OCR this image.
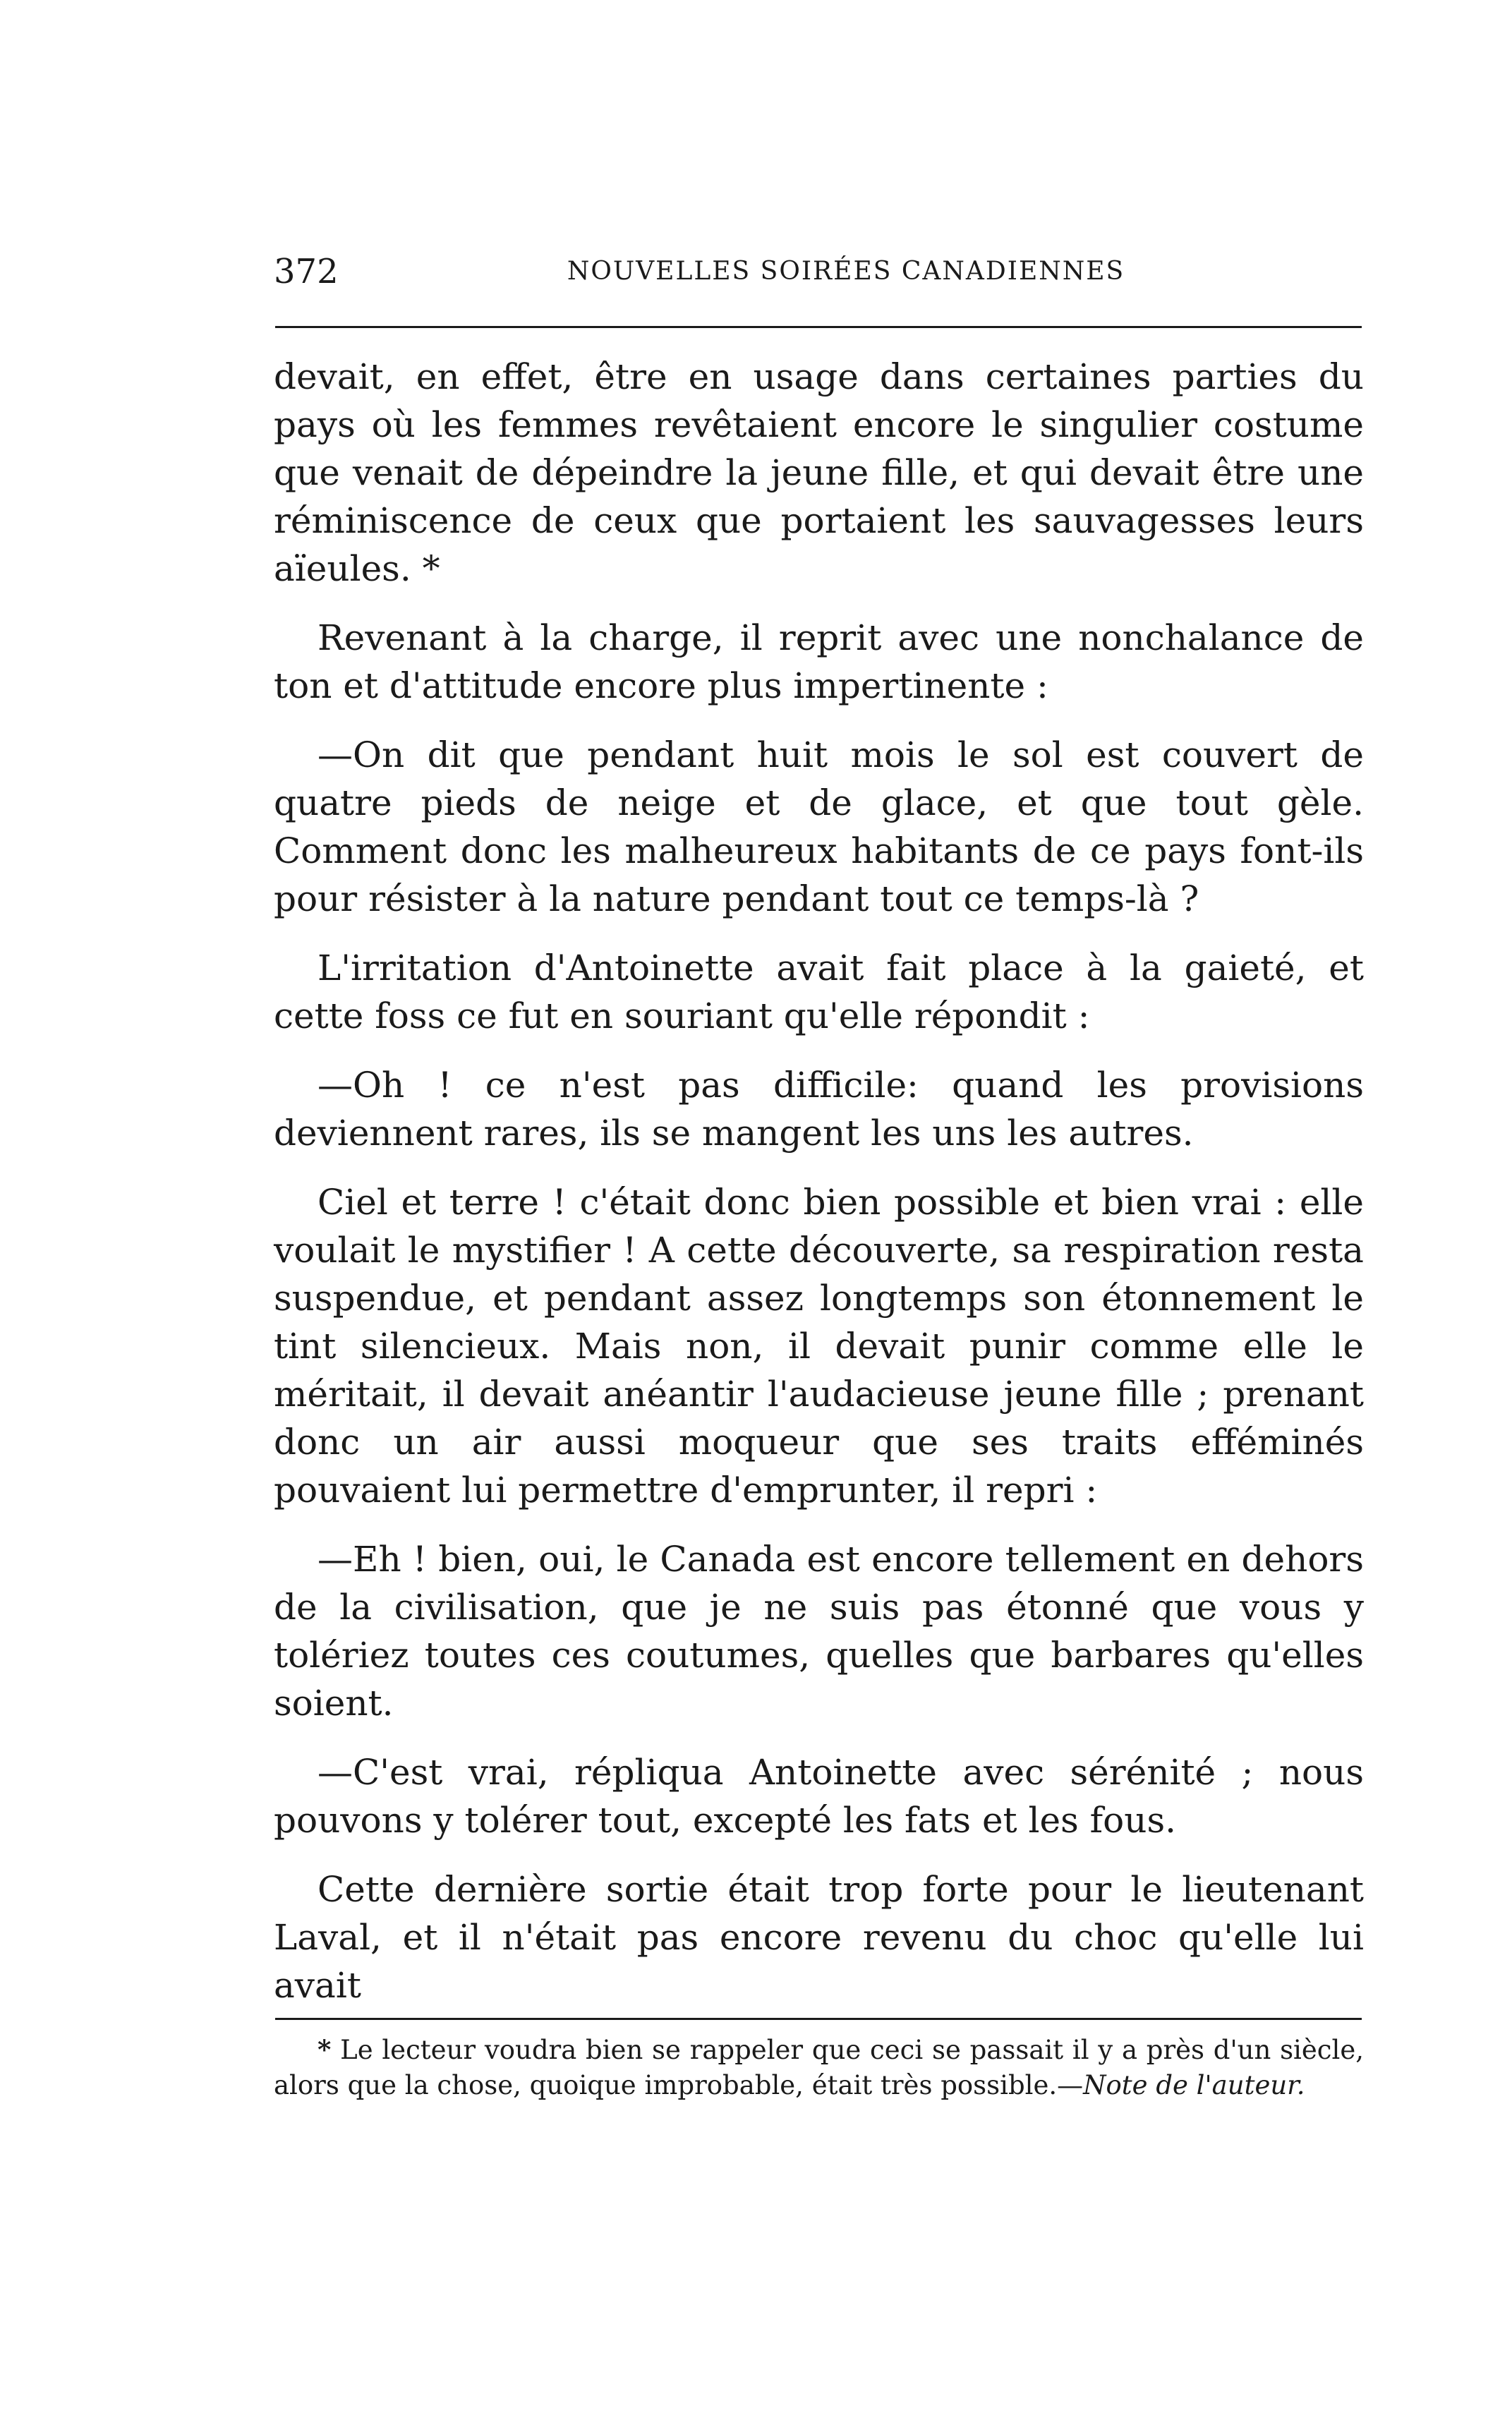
372	NOUVELLES SOIRÉES CANADIENNES

devait, en effet, être en usage dans certaines parties du pays où les femmes revêtaient encore le singulier costume que venait de dépeindre la jeune fille, et qui devait être une réminiscence de ceux que portaient les sauvagesses leurs aïeules. *

Revenant à la charge, il reprit avec une nonchalance de ton et d'attitude encore plus impertinente :

—On dit que pendant huit mois le sol est couvert de quatre pieds de neige et de glace, et que tout gèle. Comment donc les malheureux habitants de ce pays font-ils pour résister à la nature pendant tout ce temps-là ?

L'irritation d'Antoinette avait fait place à la gaieté, et cette foss ce fut en souriant qu'elle répondit :

—Oh ! ce n'est pas difficile: quand les provisions deviennent rares, ils se mangent les uns les autres.

Ciel et terre ! c'était donc bien possible et bien vrai : elle voulait le mystifier ! A cette découverte, sa respiration resta suspendue, et pendant assez longtemps son étonnement le tint silencieux. Mais non, il devait punir comme elle le méritait, il devait anéantir l'audacieuse jeune fille ; prenant donc un air aussi moqueur que ses traits efféminés pouvaient lui permettre d'emprunter, il repri :

—Eh ! bien, oui, le Canada est encore tellement en dehors de la civilisation, que je ne suis pas étonné que vous y tolériez toutes ces coutumes, quelles que barbares qu'elles soient.

—C'est vrai, répliqua Antoinette avec sérénité ; nous pouvons y tolérer tout, excepté les fats et les fous.

Cette dernière sortie était trop forte pour le lieutenant Laval, et il n'était pas encore revenu du choc qu'elle lui avait

* Le lecteur voudra bien se rappeler que ceci se passait il y a près d'un siècle, alors que la chose, quoique improbable, était très possible.—Note de l'auteur.
